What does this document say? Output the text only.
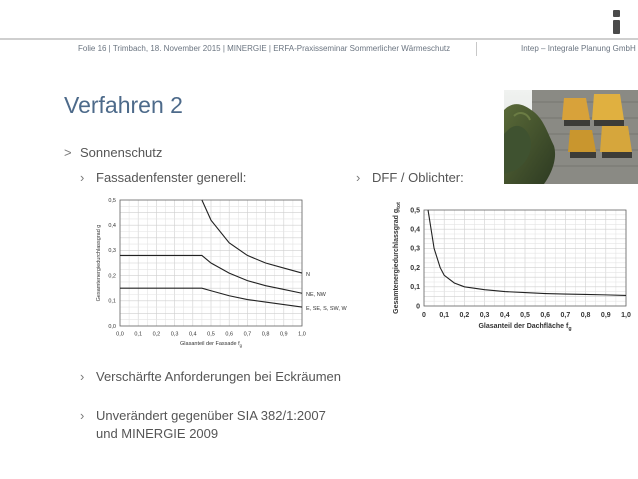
Folie 16 | Trimbach, 18. November 2015 | MINERGIE | ERFA-Praxisseminar Sommerlicher Wärmeschutz	Intep – Integrale Planung GmbH
Verfahren 2
> Sonnenschutz
› Fassadenfenster generell:	› DFF / Oblichter:
0,0 0,1 0,2 0,3 0,4 0,5 0,6 0,7 0,8 0,9 1,0
0,0
0,1
0,2
0,3
0,4
0,5
Glasanteil der Fassade $f_g$
Gesamtenergiedurchlassgrad g	N
NE, NW
E, SE, S, SW, W
0 0,1 0,2 0,3 0,4 0,5 0,6 0,7 0,8 0,9 1,0
0
0,1
0,2
0,3
0,4
0,5
Glasanteil der Dachfläche $f_g$
Gesamtenergiedurchlassgrad $g_{tot}$
› Verschärfte Anforderungen bei Eckräumen
› Unverändert gegenüber SIA 382/1:2007 und MINERGIE 2009
